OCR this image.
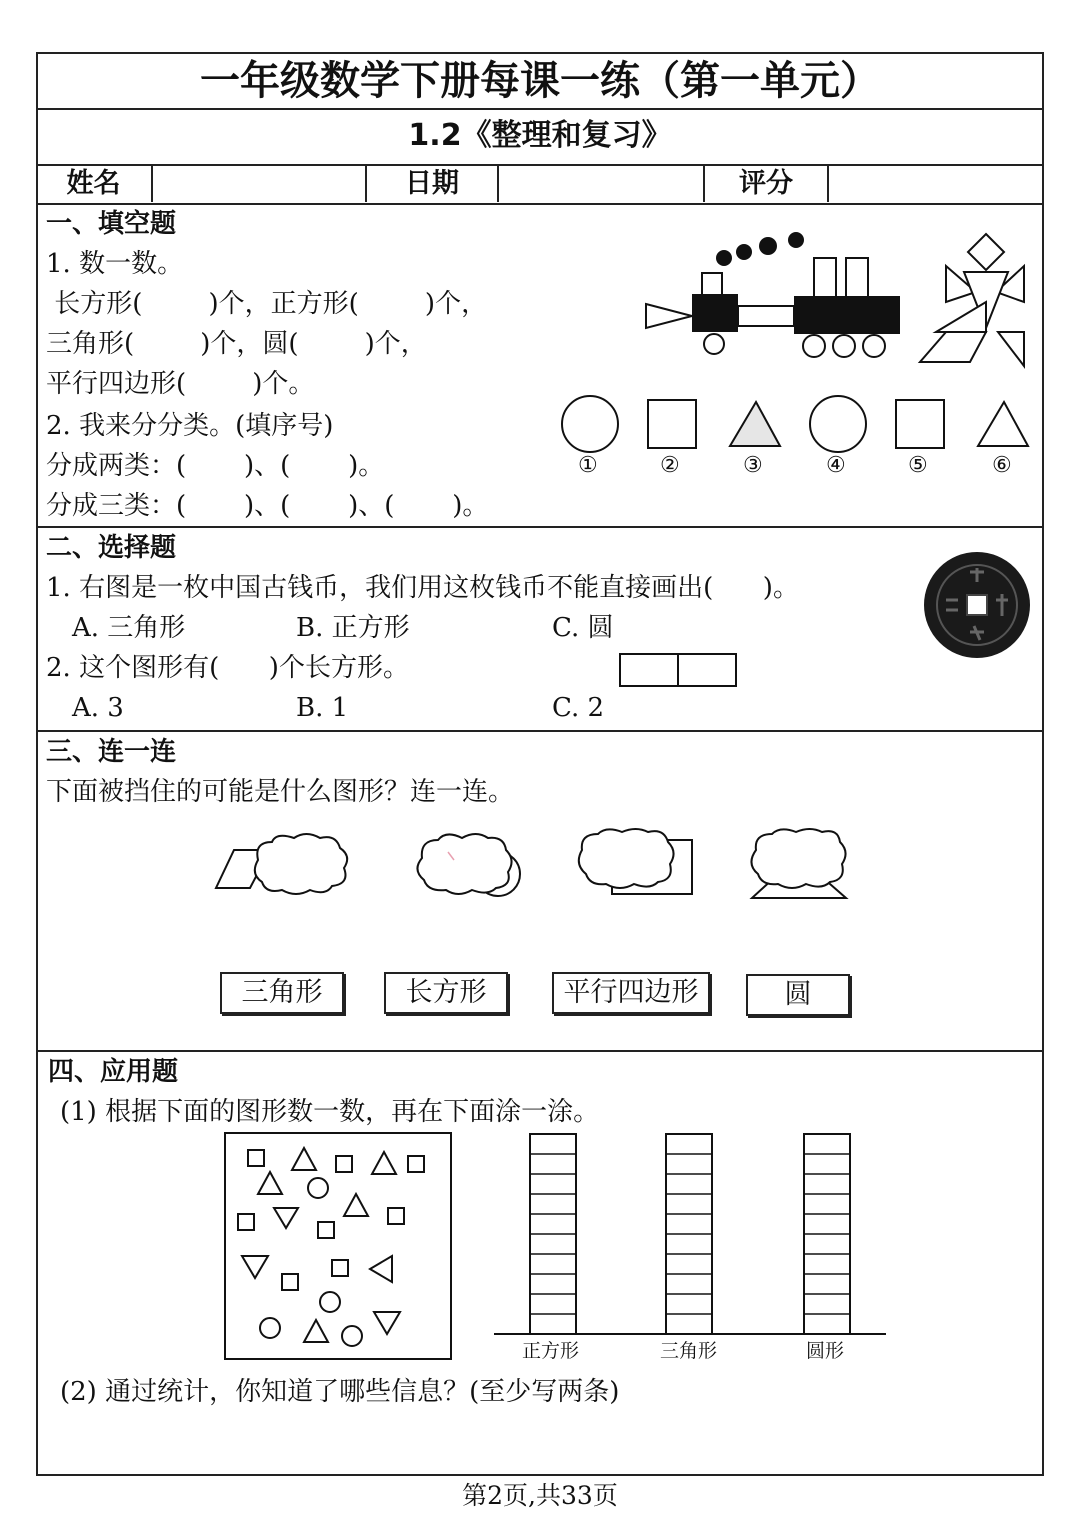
一年级数学下册每课一练（第一单元）
1.2《整理和复习》
姓名	日期	评分
一、填空题
1. 数一数。
长方形(        )个，正方形(        )个，
三角形(        )个，圆(        )个，
平行四边形(        )个。
2. 我来分分类。(填序号)
分成两类：(       )、(       )。
分成三类：(       )、(       )、(       )。
①	②	③	④	⑤	⑥
二、选择题
1. 右图是一枚中国古钱币，我们用这枚钱币不能直接画出(      )。
A. 三角形	B. 正方形	C. 圆
2. 这个图形有(      )个长方形。
A. 3	B. 1	C. 2
三、连一连
下面被挡住的可能是什么图形？连一连。
三角形	长方形	平行四边形	圆
四、应用题
(1) 根据下面的图形数一数，再在下面涂一涂。
正方形	三角形	圆形
(2) 通过统计，你知道了哪些信息？(至少写两条)
第2页,共33页
